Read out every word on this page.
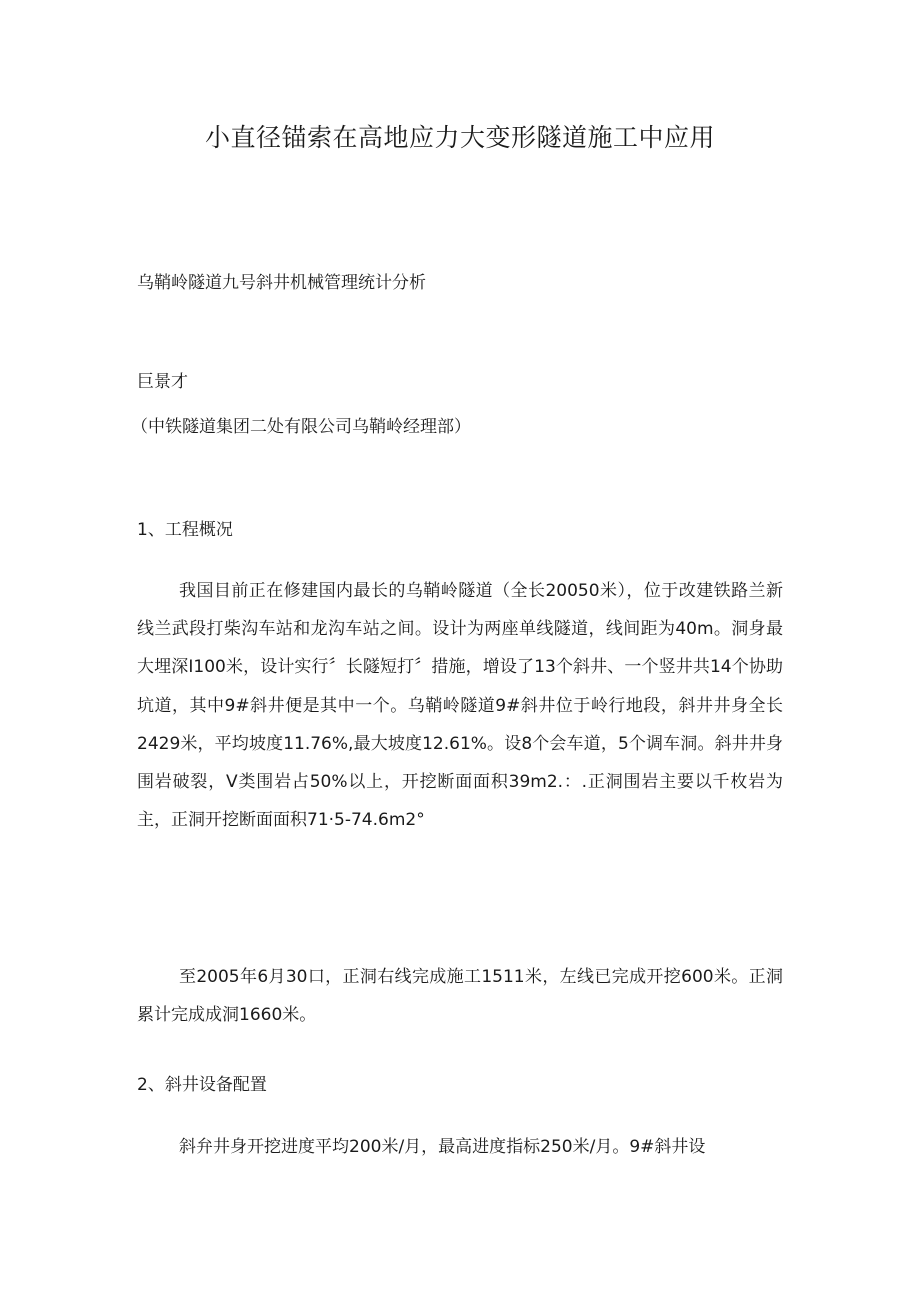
小直径锚索在高地应力大变形隧道施工中应用

乌鞘岭隧道九号斜井机械管理统计分析

巨景才

（中铁隧道集团二处有限公司乌鞘岭经理部）

1、工程概况

我国目前正在修建国内最长的乌鞘岭隧道（全长20050米），位于改建铁路兰新线兰武段打柴沟车站和龙沟车站之间。设计为两座单线隧道，线间距为40m。洞身最大埋深I100米，设计实行〞长隧短打〞措施，增设了13个斜井、一个竖井共14个协助坑道，其中9#斜井便是其中一个。乌鞘岭隧道9#斜井位于岭行地段，斜井井身全长2429米，平均坡度11.76%,最大坡度12.61%。设8个会车道，5个调车洞。斜井井身围岩破裂，V类围岩占50%以上，开挖断面面积39m2.：.正洞围岩主要以千枚岩为主，正洞开挖断面面积71·5-74.6m2°

至2005年6月30口，正洞右线完成施工1511米，左线已完成开挖600米。正洞累计完成成洞1660米。

2、斜井设备配置

斜弁井身开挖进度平均200米/月，最高进度指标250米/月。9#斜井设
